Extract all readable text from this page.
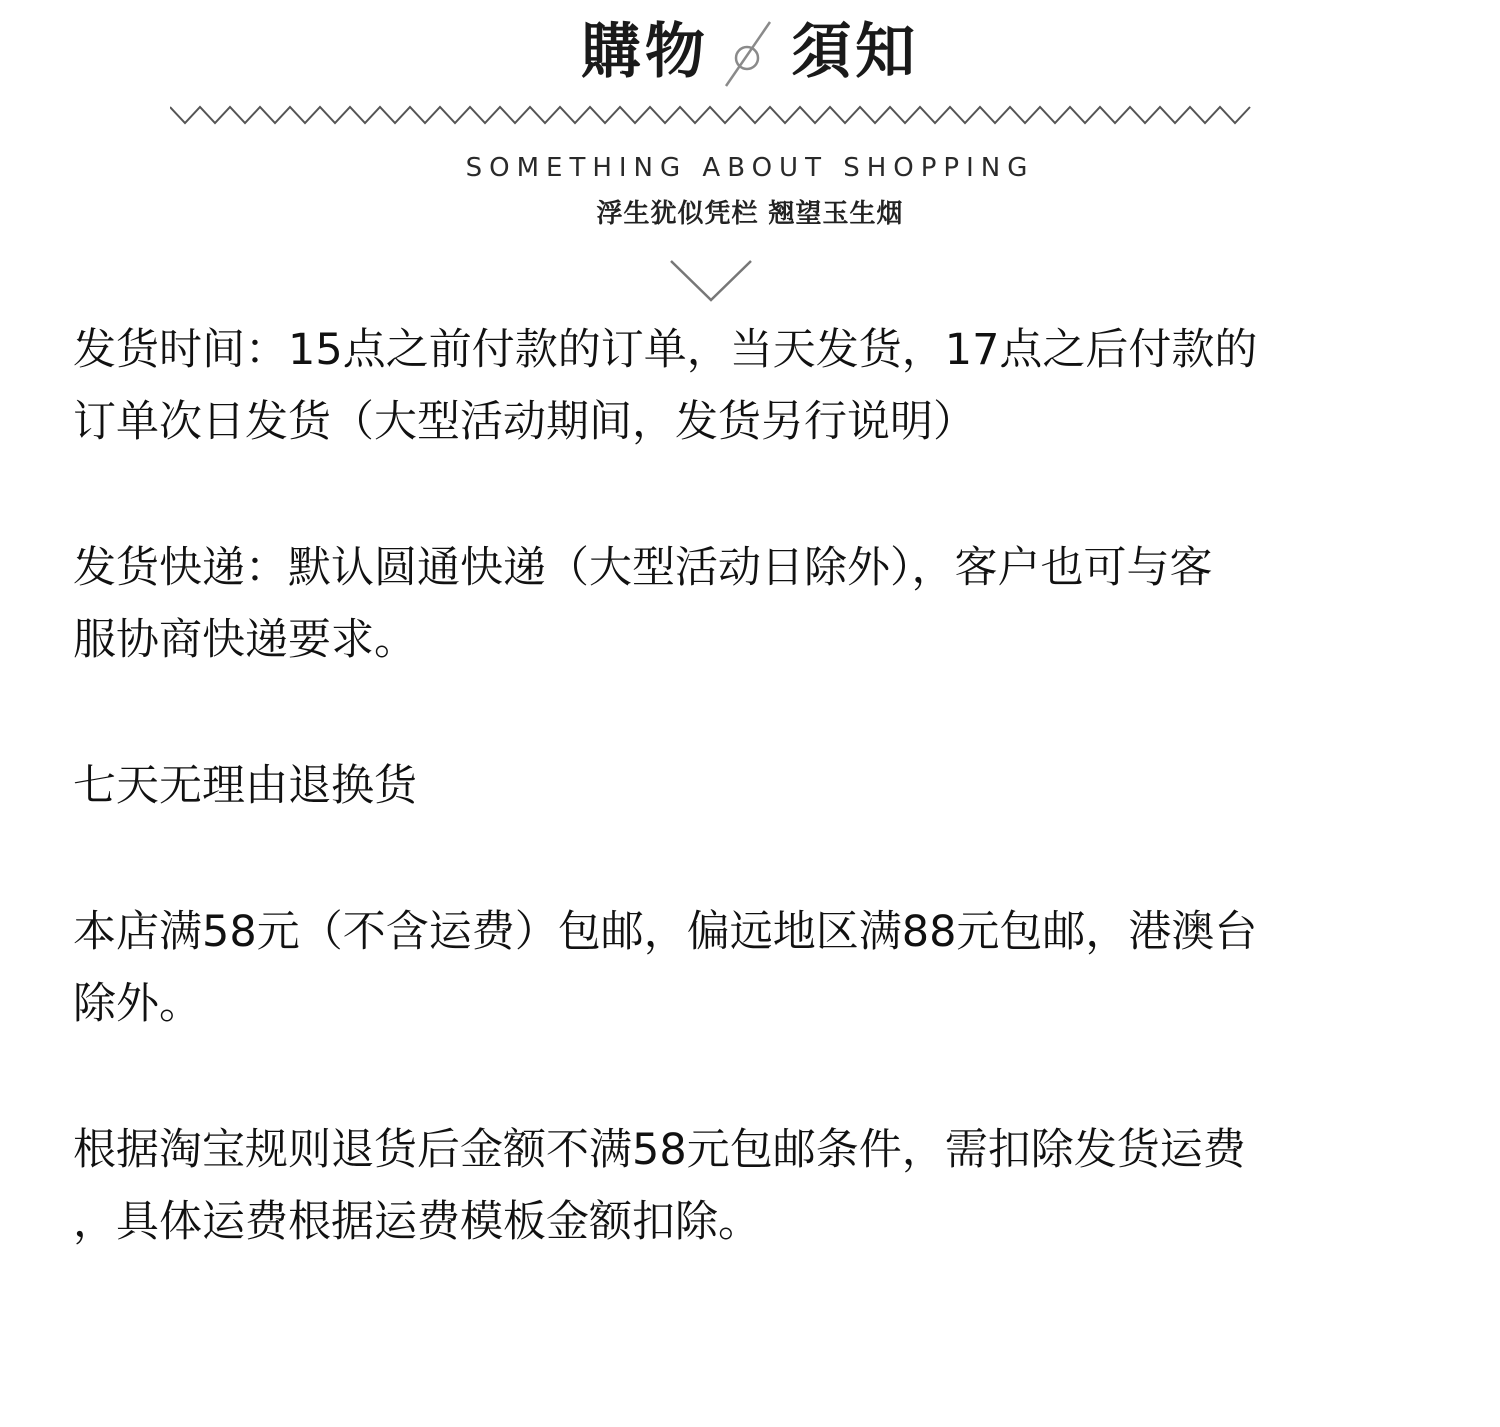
購物 須知
SOMETHING ABOUT SHOPPING
浮生犹似凭栏 翘望玉生烟

发货时间：15点之前付款的订单，当天发货，17点之后付款的
订单次日发货（大型活动期间，发货另行说明）

发货快递：默认圆通快递（大型活动日除外），客户也可与客
服协商快递要求。

七天无理由退换货

本店满58元（不含运费）包邮，偏远地区满88元包邮，港澳台
除外。

根据淘宝规则退货后金额不满58元包邮条件，需扣除发货运费
，具体运费根据运费模板金额扣除。
